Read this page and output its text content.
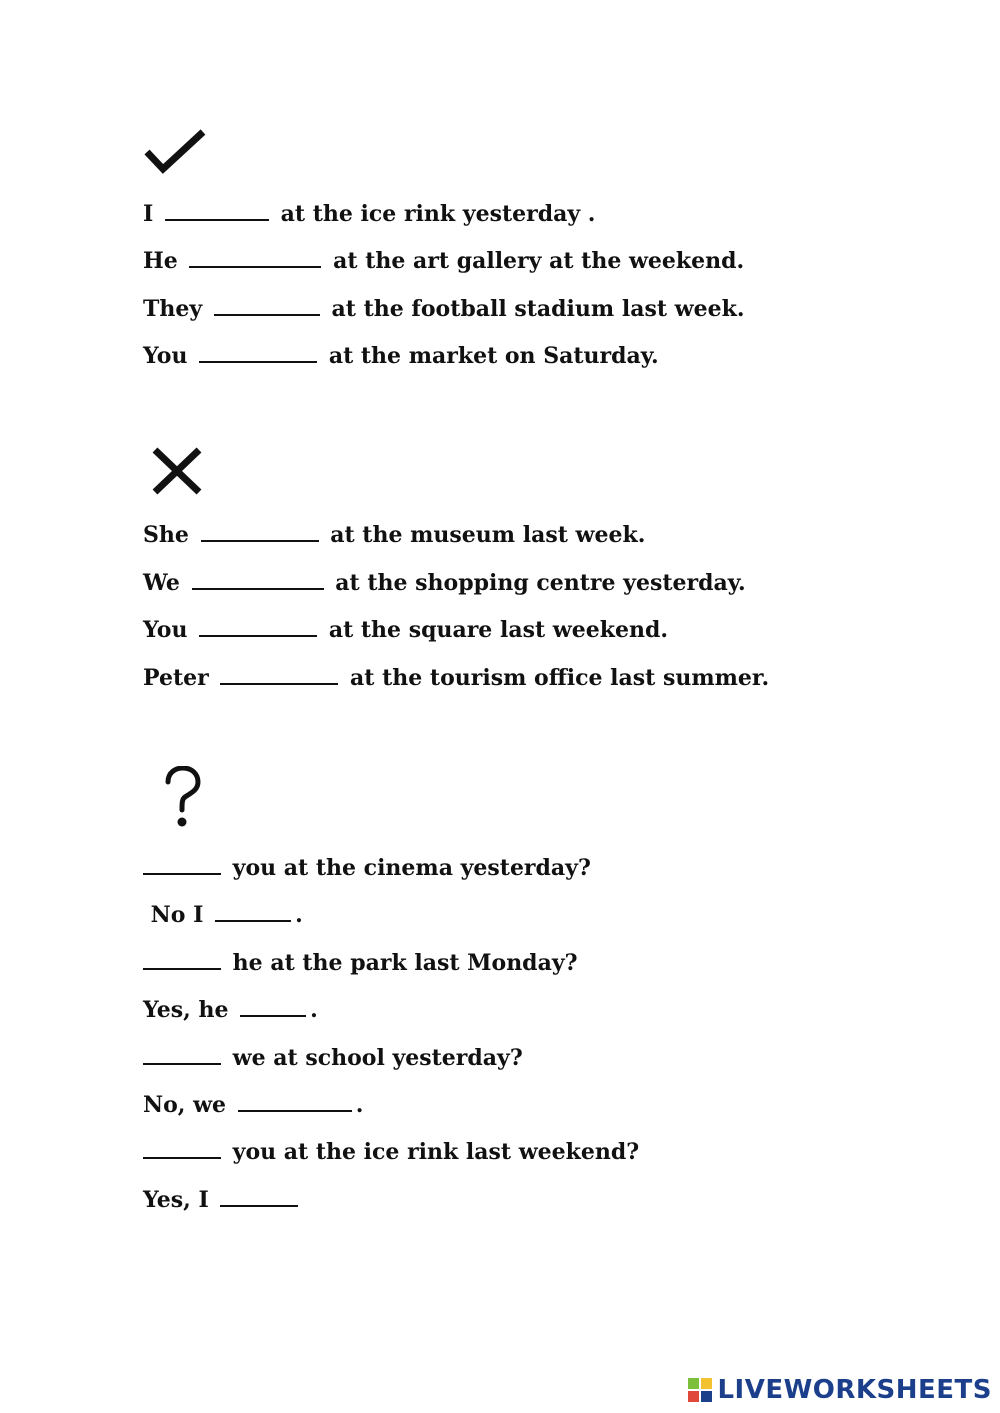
I	at the ice rink yesterday .

He	at the art gallery at the weekend.

They	at the football stadium last week.

You	at the market on Saturday.

She	at the museum last week.

We	at the shopping centre yesterday.

You	at the square last weekend.

Peter	at the tourism office last summer.

you at the cinema yesterday?

No I	.

he at the park last Monday?

Yes, he	.

we at school yesterday?

No, we	.

you at the ice rink last weekend?

Yes, I

LIVEWORKSHEETS
